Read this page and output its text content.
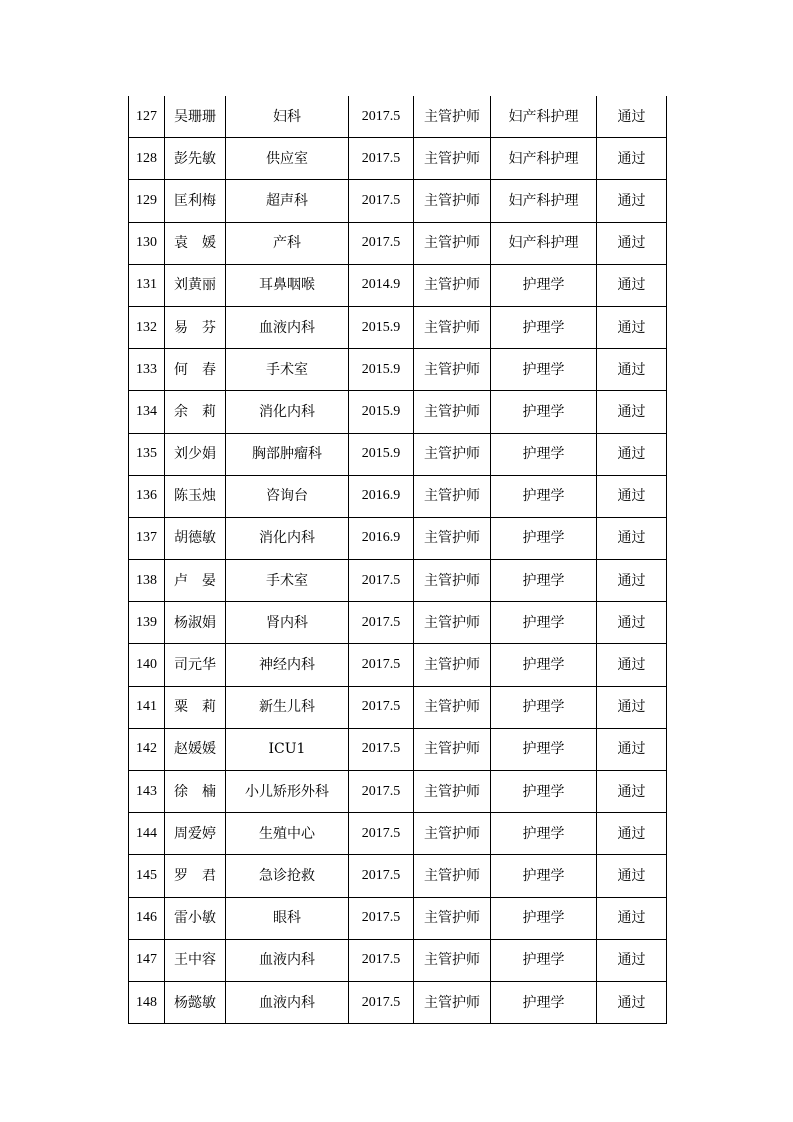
127	吴珊珊	妇科	2017.5	主管护师	妇产科护理	通过
128	彭先敏	供应室	2017.5	主管护师	妇产科护理	通过
129	匡利梅	超声科	2017.5	主管护师	妇产科护理	通过
130	袁　媛	产科	2017.5	主管护师	妇产科护理	通过
131	刘黄丽	耳鼻咽喉	2014.9	主管护师	护理学	通过
132	易　芬	血液内科	2015.9	主管护师	护理学	通过
133	何　春	手术室	2015.9	主管护师	护理学	通过
134	余　莉	消化内科	2015.9	主管护师	护理学	通过
135	刘少娟	胸部肿瘤科	2015.9	主管护师	护理学	通过
136	陈玉烛	咨询台	2016.9	主管护师	护理学	通过
137	胡德敏	消化内科	2016.9	主管护师	护理学	通过
138	卢　晏	手术室	2017.5	主管护师	护理学	通过
139	杨淑娟	肾内科	2017.5	主管护师	护理学	通过
140	司元华	神经内科	2017.5	主管护师	护理学	通过
141	粟　莉	新生儿科	2017.5	主管护师	护理学	通过
142	赵媛媛	ICU1	2017.5	主管护师	护理学	通过
143	徐　楠	小儿矫形外科	2017.5	主管护师	护理学	通过
144	周爱婷	生殖中心	2017.5	主管护师	护理学	通过
145	罗　君	急诊抢救	2017.5	主管护师	护理学	通过
146	雷小敏	眼科	2017.5	主管护师	护理学	通过
147	王中容	血液内科	2017.5	主管护师	护理学	通过
148	杨懿敏	血液内科	2017.5	主管护师	护理学	通过
